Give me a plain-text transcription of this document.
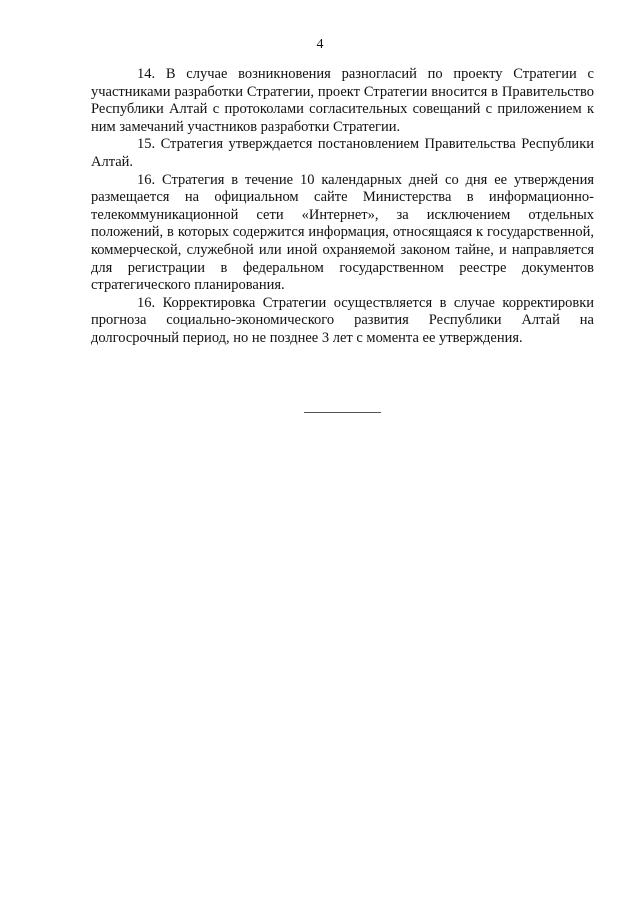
4

14. В случае возникновения разногласий по проекту Стратегии с участниками разработки Стратегии, проект Стратегии вносится в Правительство Республики Алтай с протоколами согласительных совещаний с приложением к ним замечаний участников разработки Стратегии.

15. Стратегия утверждается постановлением Правительства Республики Алтай.

16. Стратегия в течение 10 календарных дней со дня ее утверждения размещается на официальном сайте Министерства в информационно-телекоммуникационной сети «Интернет», за исключением отдельных положений, в которых содержится информация, относящаяся к государственной, коммерческой, служебной или иной охраняемой законом тайне, и направляется для регистрации в федеральном государственном реестре документов стратегического планирования.

16. Корректировка Стратегии осуществляется в случае корректировки прогноза социально-экономического развития Республики Алтай на долгосрочный период, но не позднее 3 лет с момента ее утверждения.
